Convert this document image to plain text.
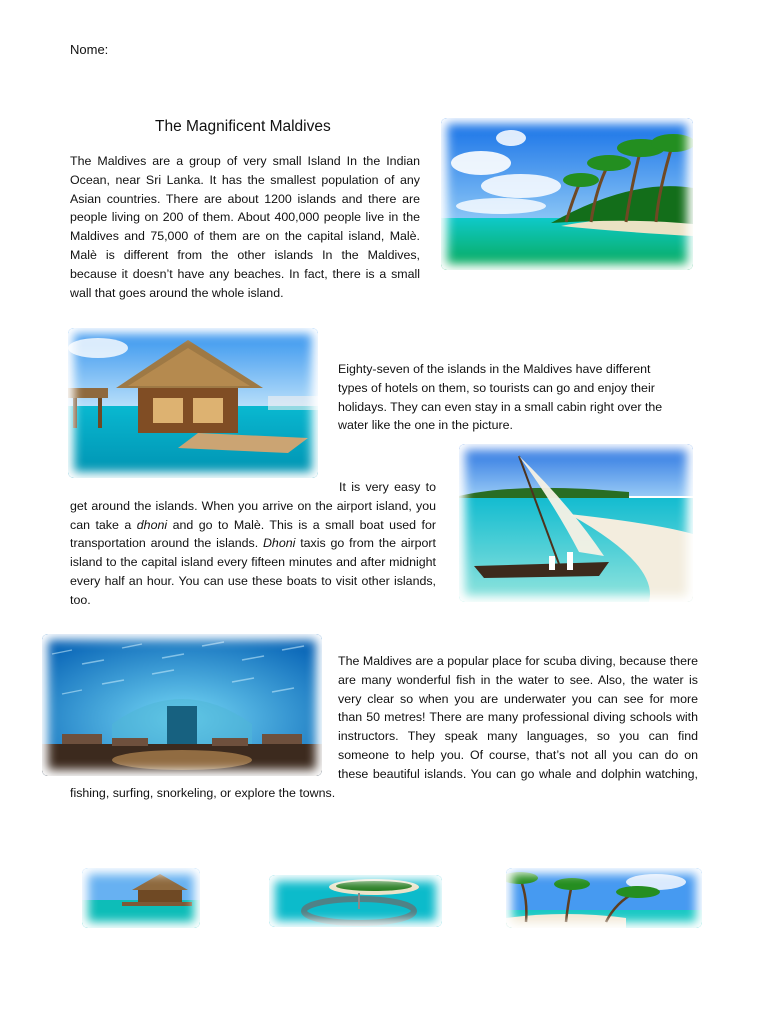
Nome:
The Magnificent Maldives

The Maldives are a group of very small Island In the Indian Ocean, near Sri Lanka. It has the smallest population of any Asian countries. There are about 1200 islands and there are people living on 200 of them. About 400,000 people live in the Maldives and 75,000 of them are on the capital island, Malè. Malè is different from the other islands In the Maldives, because it doesn’t have any beaches. In fact, there is a small wall that goes around the whole island.

Eighty-seven of the islands in the Maldives have different types of hotels on them, so tourists can go and enjoy their holidays. They can even stay in a small cabin right over the water like the one in the picture.

It is very easy to get around the islands. When you arrive on the airport island, you can take a dhoni and go to Malè. This is a small boat used for transportation around the islands. Dhoni taxis go from the airport island to the capital island every fifteen minutes and after midnight every half an hour. You can use these boats to visit other islands, too.

The Maldives are a popular place for scuba diving, because there are many wonderful fish in the water to see. Also, the water is very clear so when you are underwater you can see for more than 50 metres! There are many professional diving schools with instructors. They speak many languages, so you can find someone to help you. Of course, that’s not all you can do on these beautiful islands. You can go whale and dolphin watching, fishing, surfing, snorkeling, or explore the towns.
